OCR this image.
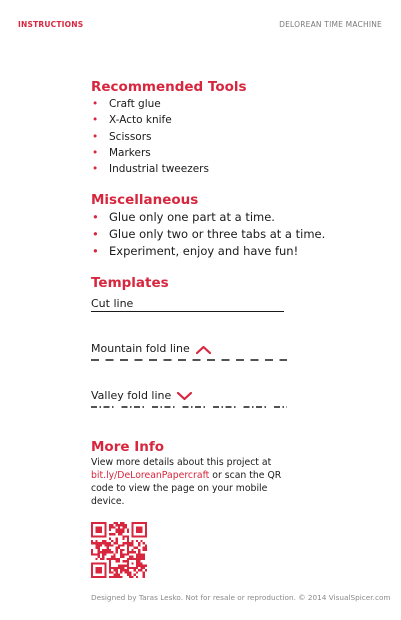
INSTRUCTIONS	DELOREAN TIME MACHINE
Recommended Tools
• Craft glue
• X-Acto knife
• Scissors
• Markers
• Industrial tweezers
Miscellaneous
• Glue only one part at a time.
• Glue only two or three tabs at a time.
• Experiment, enjoy and have fun!
Templates
Cut line
Mountain fold line
Valley fold line
More Info
View more details about this project at
bit.ly/DeLoreanPapercraft or scan the QR code to view the page on your mobile device.
Designed by Taras Lesko. Not for resale or reproduction. © 2014 VisualSpicer.com
